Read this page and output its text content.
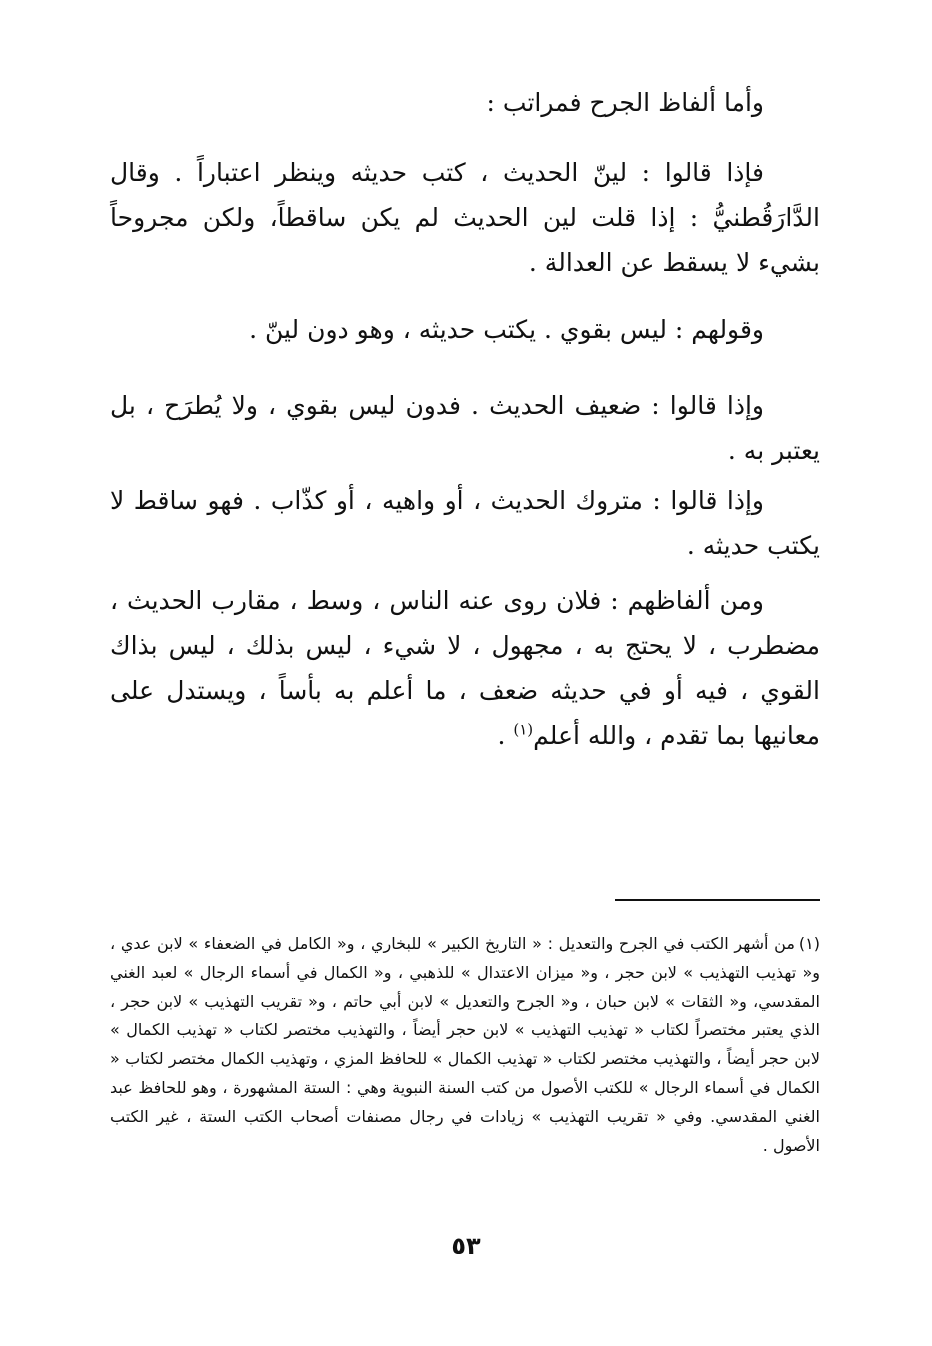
وأما ألفاظ الجرح فمراتب :

فإذا قالوا : لينّ الحديث ، كتب حديثه وينظر اعتباراً . وقال الدَّارَقُطنيُّ : إذا قلت لين الحديث لم يكن ساقطاً، ولكن مجروحاً بشيء لا يسقط عن العدالة .

وقولهم : ليس بقوي . يكتب حديثه ، وهو دون لينّ .

وإذا قالوا : ضعيف الحديث . فدون ليس بقوي ، ولا يُطرَح ، بل يعتبر به .

وإذا قالوا : متروك الحديث ، أو واهيه ، أو كذّاب . فهو ساقط لا يكتب حديثه .

ومن ألفاظهم : فلان روى عنه الناس ، وسط ، مقارب الحديث ، مضطرب ، لا يحتج به ، مجهول ، لا شيء ، ليس بذلك ، ليس بذاك القوي ، فيه أو في حديثه ضعف ، ما أعلم به بأساً ، ويستدل على معانيها بما تقدم ، والله أعلم$^{(١)}$ .

(١)من أشهر الكتب في الجرح والتعديل : « التاريخ الكبير » للبخاري ، و« الكامل في الضعفاء » لابن عدي ، و« تهذيب التهذيب » لابن حجر ، و« ميزان الاعتدال » للذهبي ، و« الكمال في أسماء الرجال » لعبد الغني المقدسي، و« الثقات » لابن حبان ، و« الجرح والتعديل » لابن أبي حاتم ، و« تقريب التهذيب » لابن حجر ، الذي يعتبر مختصراً لكتاب « تهذيب التهذيب » لابن حجر أيضاً ، والتهذيب مختصر لكتاب « تهذيب الكمال » لابن حجر أيضاً ، والتهذيب مختصر لكتاب « تهذيب الكمال » للحافظ المزي ، وتهذيب الكمال مختصر لكتاب « الكمال في أسماء الرجال » للكتب الأصول من كتب السنة النبوية وهي : الستة المشهورة ، وهو للحافظ عبد الغني المقدسي. وفي « تقريب التهذيب » زيادات في رجال مصنفات أصحاب الكتب الستة ، غير الكتب الأصول .
٥٣
